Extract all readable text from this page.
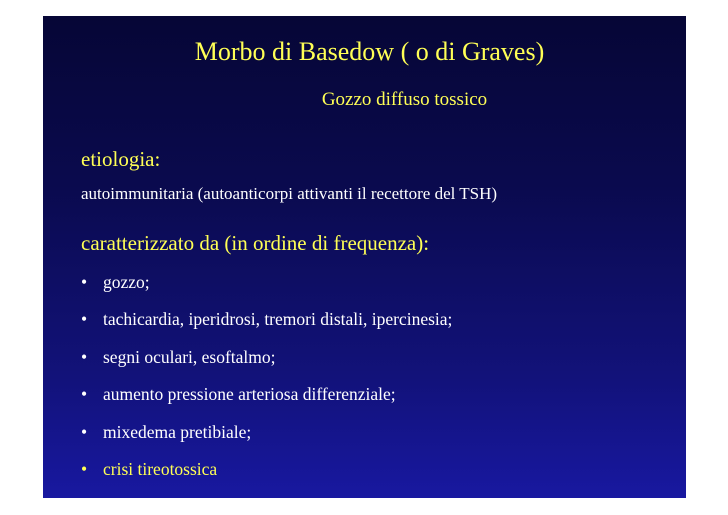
Morbo di Basedow ( o di Graves)
Gozzo diffuso tossico
etiologia:
autoimmunitaria (autoanticorpi attivanti il recettore del TSH)
caratterizzato da (in ordine di frequenza):
• gozzo;
• tachicardia, iperidrosi, tremori distali, ipercinesia;
• segni oculari, esoftalmo;
• aumento pressione arteriosa differenziale;
• mixedema pretibiale;
• crisi tireotossica
